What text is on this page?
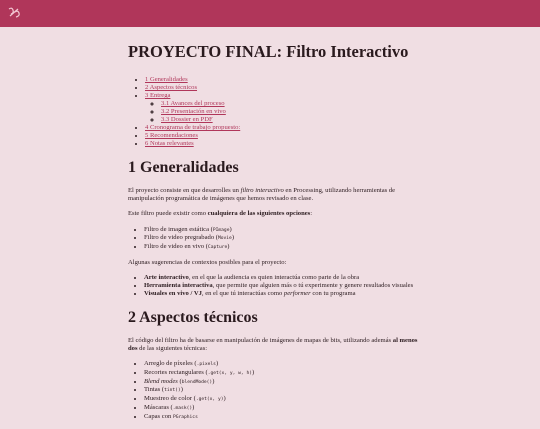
PROYECTO FINAL: Filtro Interactivo
• 1 Generalidades
• 2 Aspectos técnicos
• 3 Entrega
◦ 3.1 Avances del proceso
◦ 3.2 Presentación en vivo
◦ 3.3 Dossier en PDF
• 4 Cronograma de trabajo propuesto:
• 5 Recomendaciones
• 6 Notas relevantes
1 Generalidades

El proyecto consiste en que desarrolles un filtro interactivo en Processing, utilizando herramientas de manipulación programática de imágenes que hemos revisado en clase.

Este filtro puede existir como cualquiera de las siguientes opciones:

• Filtro de imagen estática (PImage)
• Filtro de video pregrabado (Movie)
• Filtro de video en vivo (Capture)

Algunas sugerencias de contextos posibles para el proyecto:

• Arte interactivo, en el que la audiencia es quien interactúa como parte de la obra
• Herramienta interactiva, que permite que alguien más o tú experimente y genere resultados visuales
• Visuales en vivo / VJ, en el que tú interactúas como performer con tu programa
2 Aspectos técnicos

El código del filtro ha de basarse en manipulación de imágenes de mapas de bits, utilizando además al menos dos de las siguientes técnicas:

• Arreglo de píxeles (.pixels)
• Recortes rectangulares (.get(x, y, w, h))
• Blend modes (blendMode())
• Tintas (tint())
• Muestreo de color (.get(x, y))
• Máscaras (.mask())
• Capas con PGraphics
